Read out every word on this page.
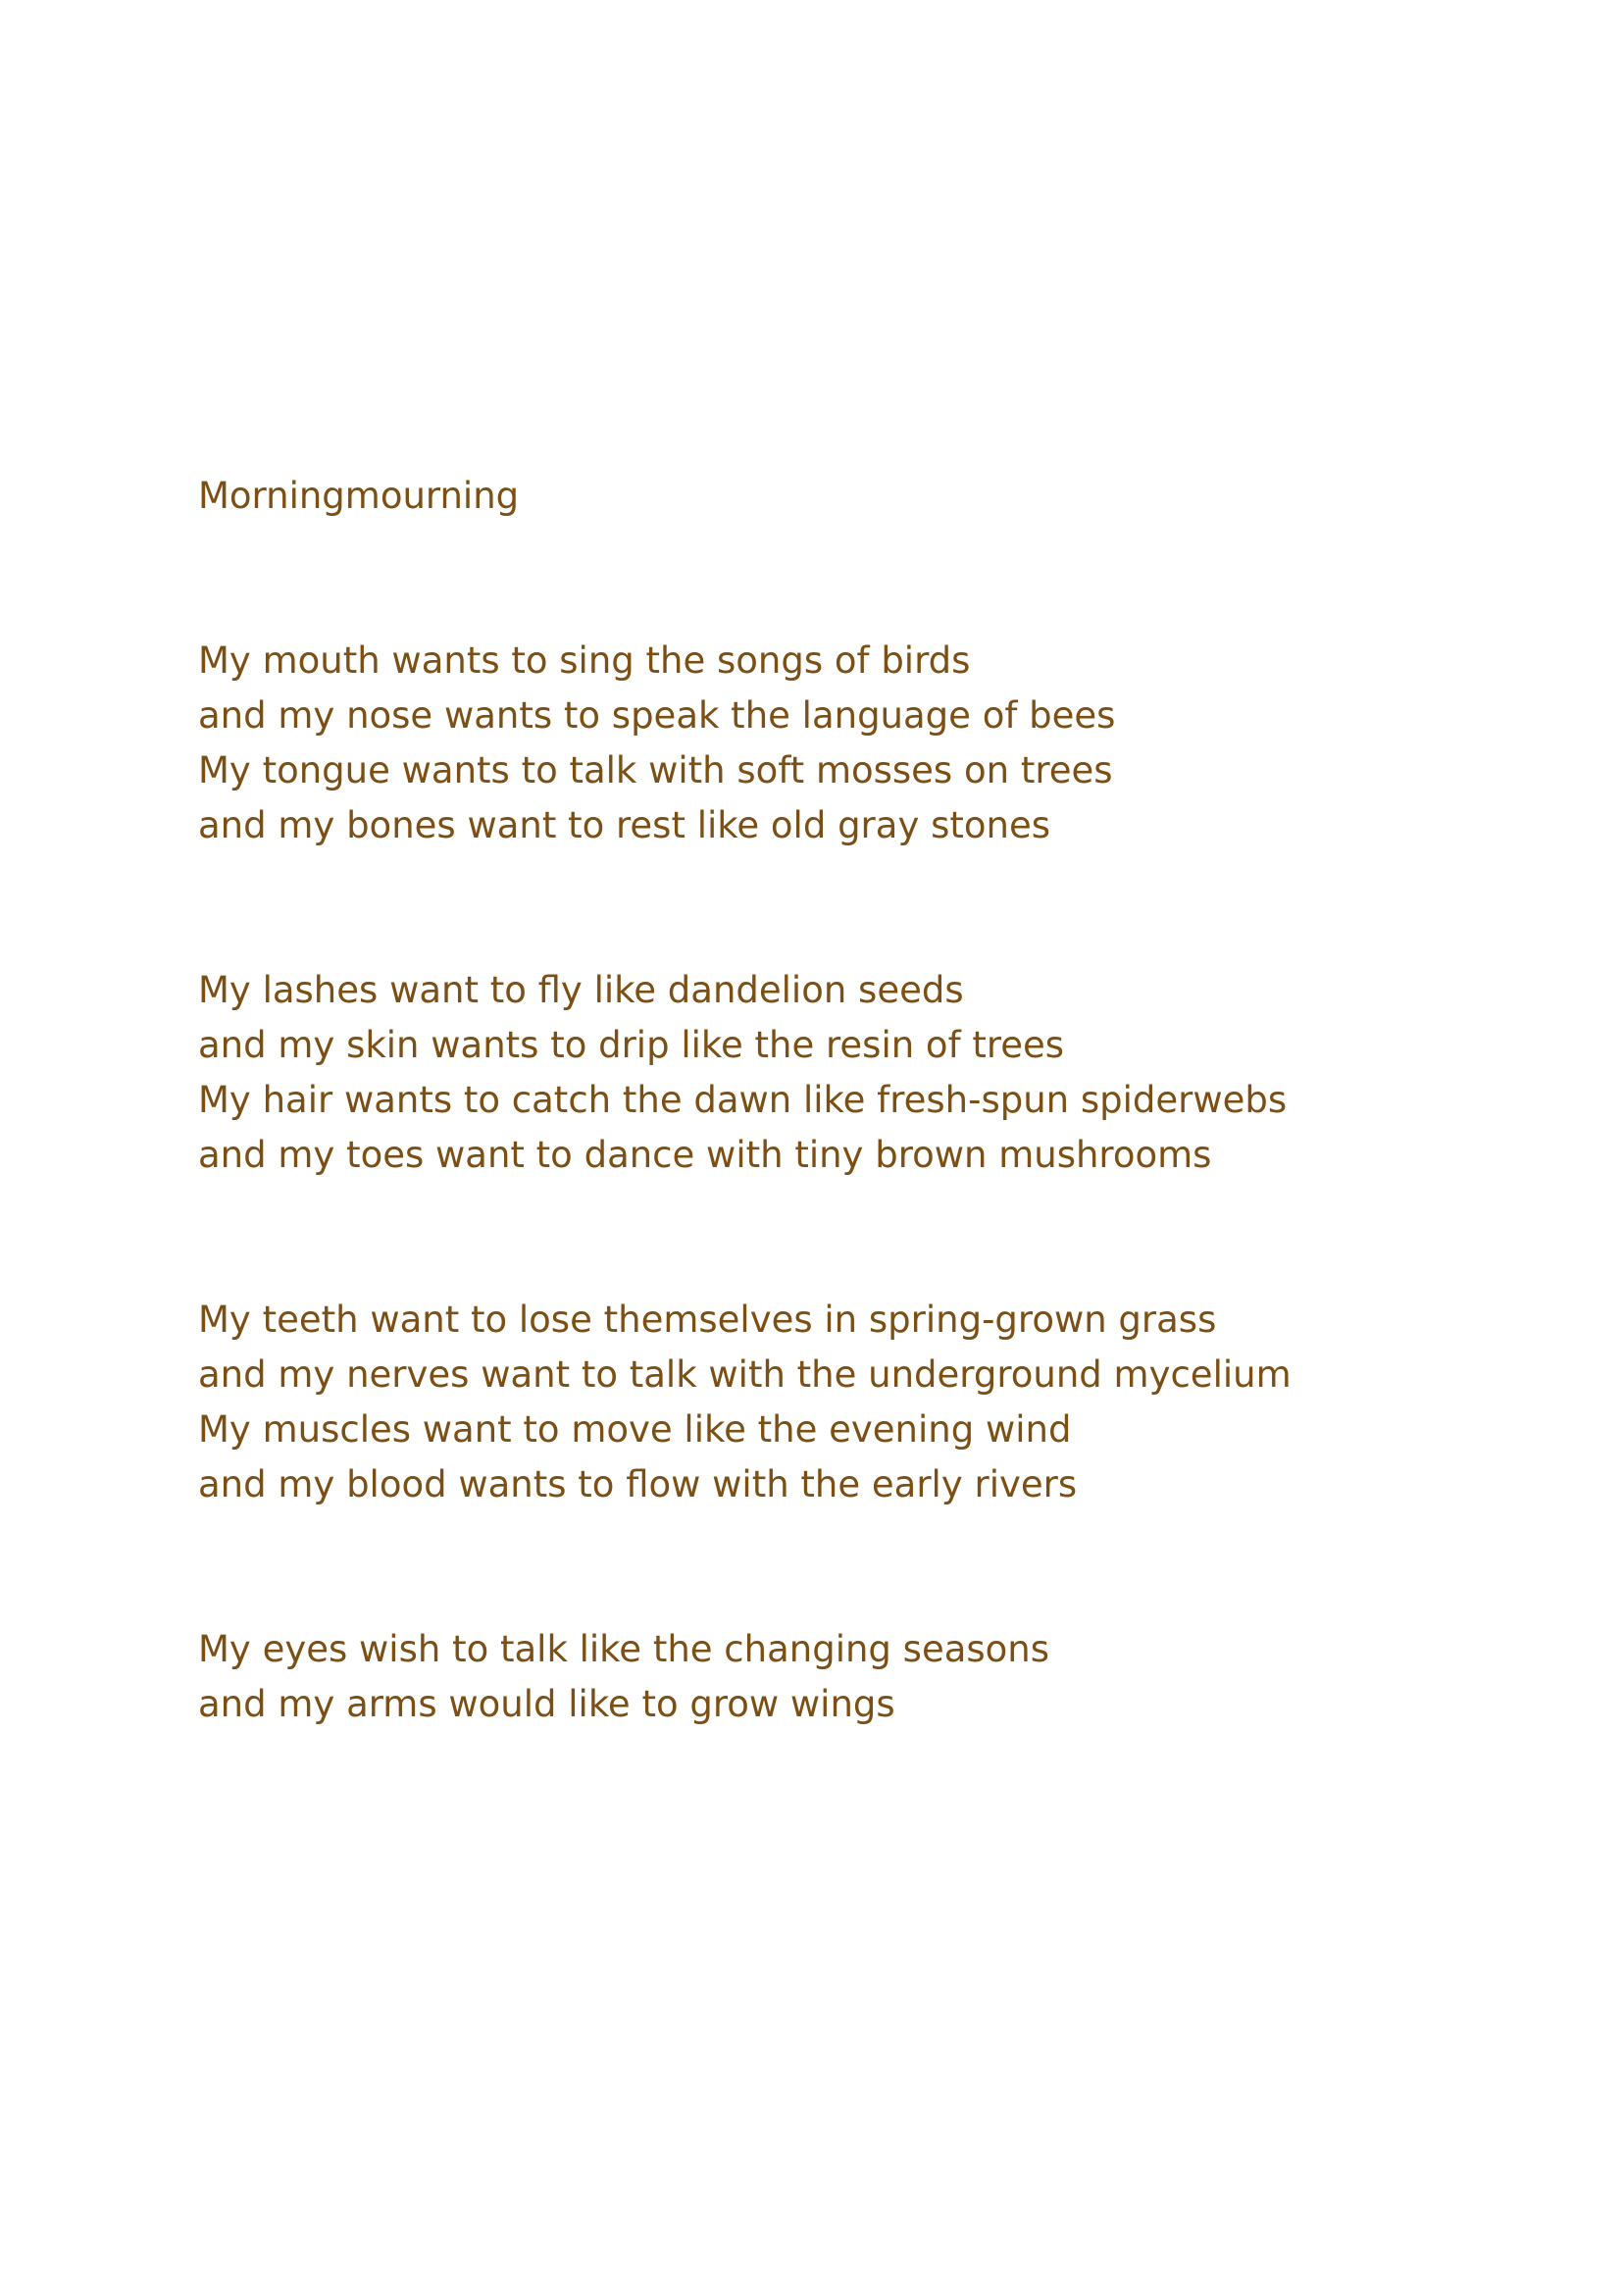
Morningmourning
My mouth wants to sing the songs of birds
and my nose wants to speak the language of bees
My tongue wants to talk with soft mosses on trees
and my bones want to rest like old gray stones
My lashes want to fly like dandelion seeds
and my skin wants to drip like the resin of trees
My hair wants to catch the dawn like fresh-spun spiderwebs
and my toes want to dance with tiny brown mushrooms
My teeth want to lose themselves in spring-grown grass
and my nerves want to talk with the underground mycelium
My muscles want to move like the evening wind
and my blood wants to flow with the early rivers
My eyes wish to talk like the changing seasons
and my arms would like to grow wings
